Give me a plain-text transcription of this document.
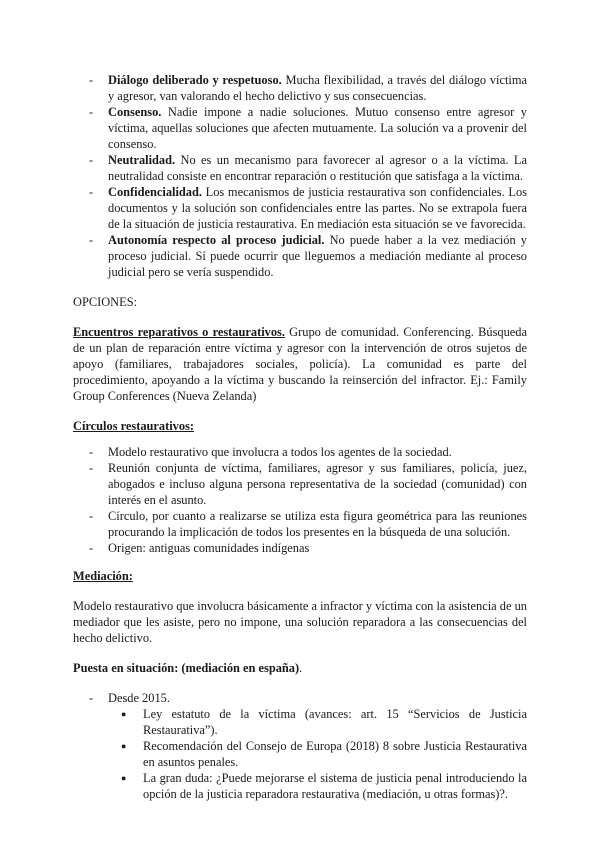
- Diálogo deliberado y respetuoso. Mucha flexibilidad, a través del diálogo víctima y agresor, van valorando el hecho delictivo y sus consecuencias.
- Consenso. Nadie impone a nadie soluciones. Mutuo consenso entre agresor y víctima, aquellas soluciones que afecten mutuamente. La solución va a provenir del consenso.
- Neutralidad. No es un mecanismo para favorecer al agresor o a la víctima. La neutralidad consiste en encontrar reparación o restitución que satisfaga a la víctima.
- Confidencialidad. Los mecanismos de justicia restaurativa son confidenciales. Los documentos y la solución son confidenciales entre las partes. No se extrapola fuera de la situación de justicia restaurativa. En mediación esta situación se ve favorecida.
- Autonomía respecto al proceso judicial. No puede haber a la vez mediación y proceso judicial. Sí puede ocurrir que lleguemos a mediación mediante al proceso judicial pero se vería suspendido.

OPCIONES:

Encuentros reparativos o restaurativos. Grupo de comunidad. Conferencing. Búsqueda de un plan de reparación entre víctima y agresor con la intervención de otros sujetos de apoyo (familiares, trabajadores sociales, policía). La comunidad es parte del procedimiento, apoyando a la víctima y buscando la reinserción del infractor. Ej.: Family Group Conferences (Nueva Zelanda)

Círculos restaurativos:

- Modelo restaurativo que involucra a todos los agentes de la sociedad.
- Reunión conjunta de víctima, familiares, agresor y sus familiares, policía, juez, abogados e incluso alguna persona representativa de la sociedad (comunidad) con interés en el asunto.
- Círculo, por cuanto a realizarse se utiliza esta figura geométrica para las reuniones procurando la implicación de todos los presentes en la búsqueda de una solución.
- Origen: antiguas comunidades indígenas

Mediación:

Modelo restaurativo que involucra básicamente a infractor y víctima con la asistencia de un mediador que les asiste, pero no impone, una solución reparadora a las consecuencias del hecho delictivo.

Puesta en situación: (mediación en españa).

- Desde 2015.
● Ley estatuto de la víctima (avances: art. 15 “Servicios de Justicia Restaurativa”).
● Recomendación del Consejo de Europa (2018) 8 sobre Justicia Restaurativa en asuntos penales.
● La gran duda: ¿Puede mejorarse el sistema de justicia penal introduciendo la opción de la justicia reparadora restaurativa (mediación, u otras formas)?.
